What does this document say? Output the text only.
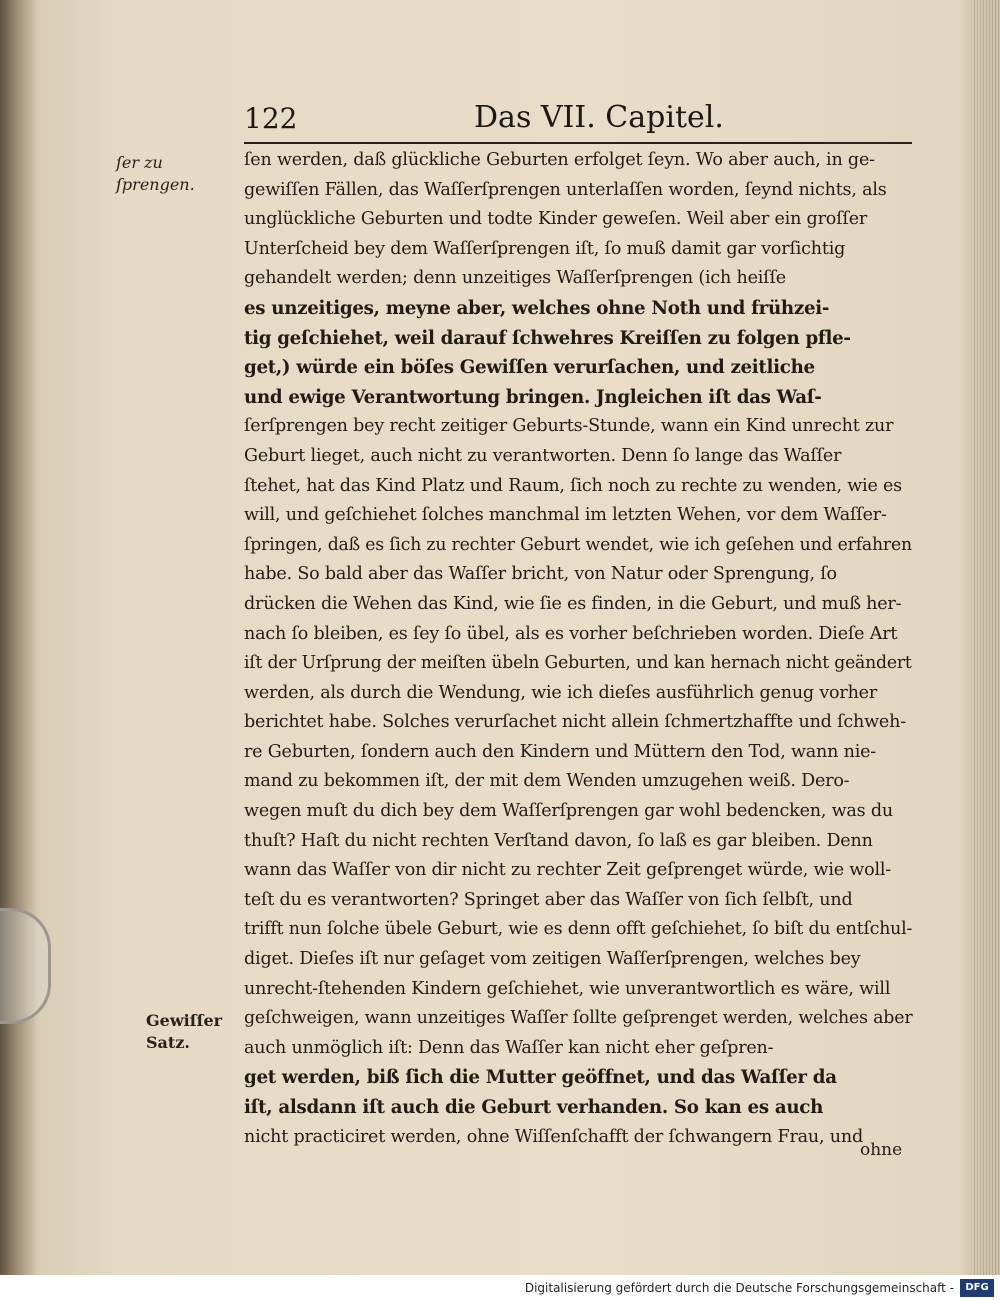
122	Das VII. Capitel.
ſer zu ſprengen.
Gewiſſer Satz.
ſen werden, daß glückliche Geburten erfolget ſeyn. Wo aber auch, in ge-
gewiſſen Fällen, das Waſſerſprengen unterlaſſen worden, ſeynd nichts, als
unglückliche Geburten und todte Kinder geweſen. Weil aber ein groſſer
Unterſcheid bey dem Waſſerſprengen iſt, ſo muß damit gar vorſichtig
gehandelt werden; denn unzeitiges Waſſerſprengen (ich heiſſe
es unzeitiges, meyne aber, welches ohne Noth und frühzei-
tig geſchiehet, weil darauf ſchwehres Kreiſſen zu folgen pfle-
get,) würde ein böſes Gewiſſen verurſachen, und zeitliche
und ewige Verantwortung bringen. Jngleichen iſt das Waſ-
ſerſprengen bey recht zeitiger Geburts-Stunde, wann ein Kind unrecht zur
Geburt lieget, auch nicht zu verantworten. Denn ſo lange das Waſſer
ſtehet, hat das Kind Platz und Raum, ſich noch zu rechte zu wenden, wie es
will, und geſchiehet ſolches manchmal im letzten Wehen, vor dem Waſſer-
ſpringen, daß es ſich zu rechter Geburt wendet, wie ich geſehen und erfahren
habe. So bald aber das Waſſer bricht, von Natur oder Sprengung, ſo
drücken die Wehen das Kind, wie ſie es finden, in die Geburt, und muß her-
nach ſo bleiben, es ſey ſo übel, als es vorher beſchrieben worden. Dieſe Art
iſt der Urſprung der meiſten übeln Geburten, und kan hernach nicht geändert
werden, als durch die Wendung, wie ich dieſes ausführlich genug vorher
berichtet habe. Solches verurſachet nicht allein ſchmertzhaffte und ſchweh-
re Geburten, ſondern auch den Kindern und Müttern den Tod, wann nie-
mand zu bekommen iſt, der mit dem Wenden umzugehen weiß. Dero-
wegen muſt du dich bey dem Waſſerſprengen gar wohl bedencken, was du
thuſt? Haſt du nicht rechten Verſtand davon, ſo laß es gar bleiben. Denn
wann das Waſſer von dir nicht zu rechter Zeit geſprenget würde, wie woll-
teſt du es verantworten? Springet aber das Waſſer von ſich ſelbſt, und
trifft nun ſolche übele Geburt, wie es denn offt geſchiehet, ſo biſt du entſchul-
diget. Dieſes iſt nur geſaget vom zeitigen Waſſerſprengen, welches bey
unrecht-ſtehenden Kindern geſchiehet, wie unverantwortlich es wäre, will
geſchweigen, wann unzeitiges Waſſer ſollte geſprenget werden, welches aber
auch unmöglich iſt: Denn das Waſſer kan nicht eher geſpren-
get werden, biß ſich die Mutter geöffnet, und das Waſſer da
iſt, alsdann iſt auch die Geburt verhanden. So kan es auch
nicht practiciret werden, ohne Wiſſenſchafft der ſchwangern Frau, und
ohne
Digitalisierung gefördert durch die Deutsche Forschungsgemeinschaft -	DFG
